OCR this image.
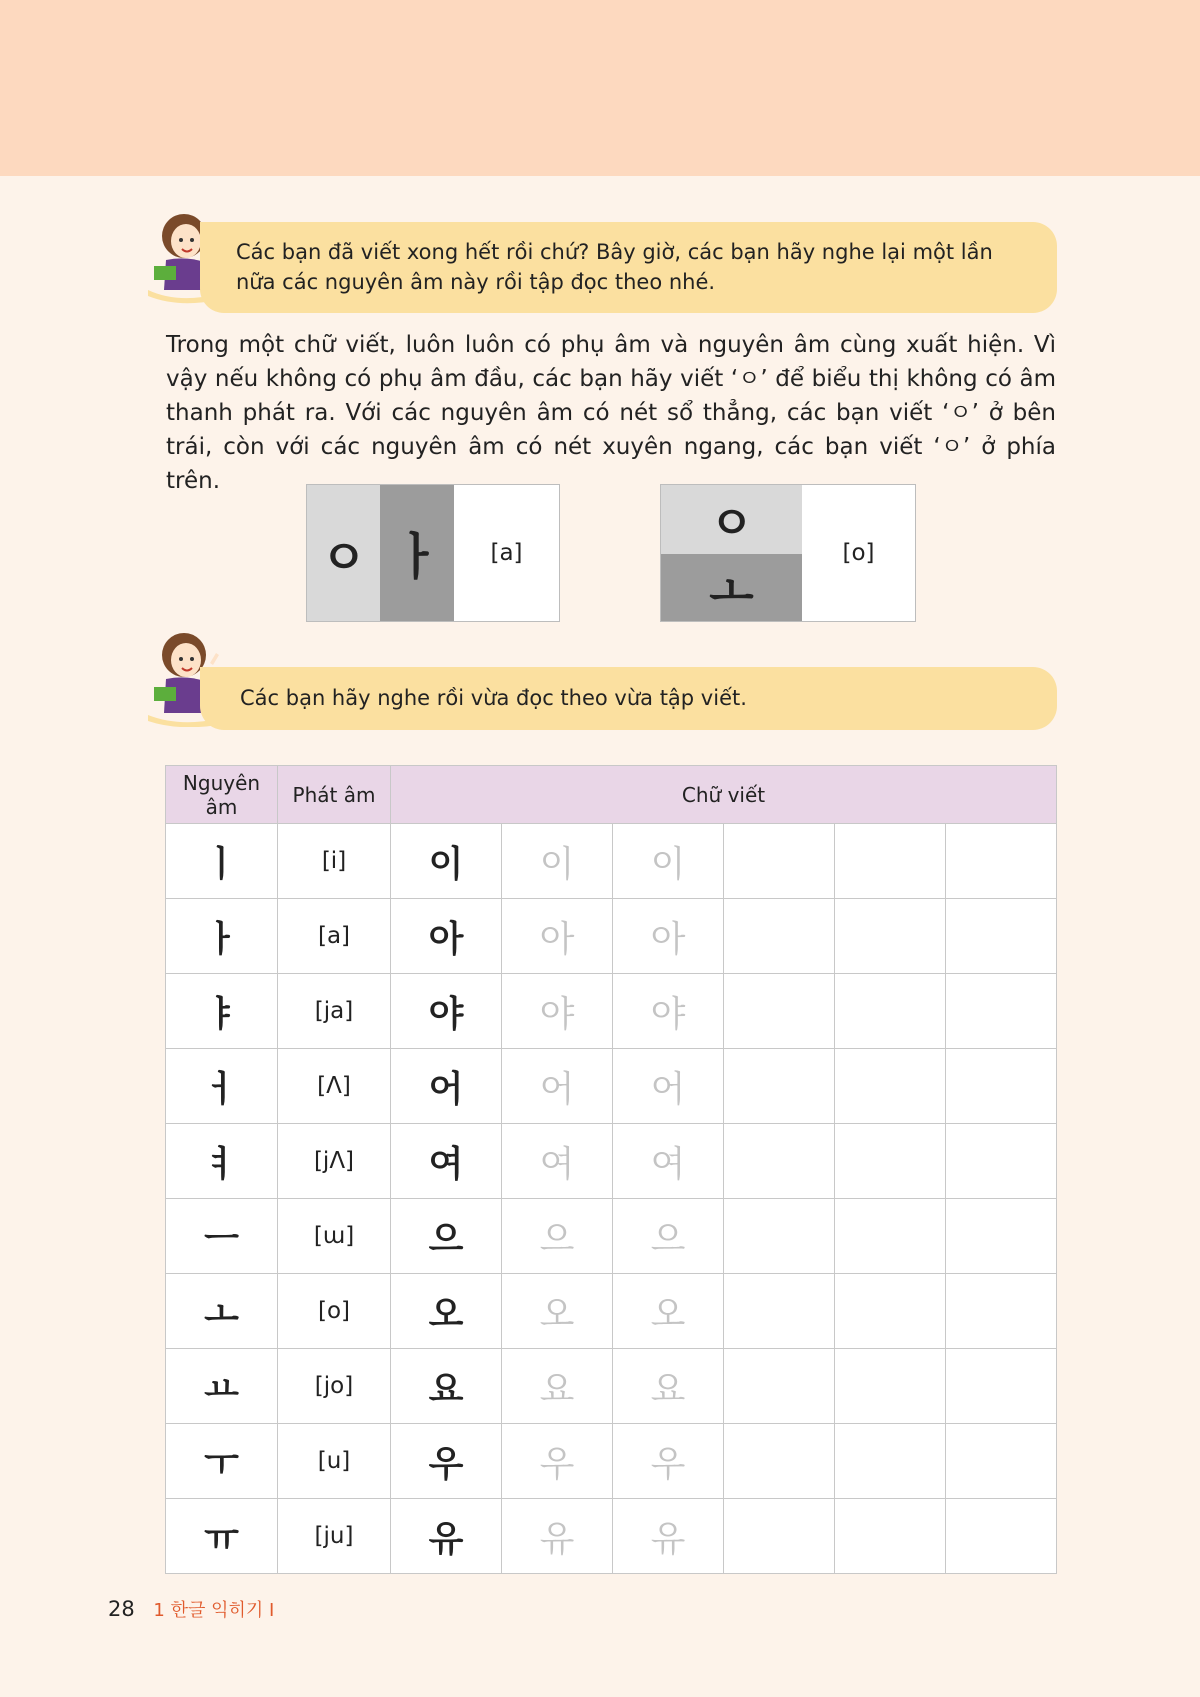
Các bạn đã viết xong hết rồi chứ? Bây giờ, các bạn hãy nghe lại một lần nữa các nguyên âm này rồi tập đọc theo nhé.

Trong một chữ viết, luôn luôn có phụ âm và nguyên âm cùng xuất hiện. Vì vậy nếu không có phụ âm đầu, các bạn hãy viết ‘ㅇ’ để biểu thị không có âm thanh phát ra. Với các nguyên âm có nét sổ thẳng, các bạn viết ‘ㅇ’ ở bên trái, còn với các nguyên âm có nét xuyên ngang, các bạn viết ‘ㅇ’ ở phía trên.

ㅇ ㅏ	[a]
ㅇ
ㅗ
[o]
Các bạn hãy nghe rồi vừa đọc theo vừa tập viết.
Nguyên âm	Phát âm	Chữ viết					
ㅣ	[i]	이	이	이			
ㅏ	[a]	아	아	아			
ㅑ	[ja]	야	야	야			
ㅓ	[Λ]	어	어	어			
ㅕ	[jΛ]	여	여	여			
ㅡ	[ɯ]	으	으	으			
ㅗ	[o]	오	오	오			
ㅛ	[jo]	요	요	요			
ㅜ	[u]	우	우	우			
ㅠ	[ju]	유	유	유			
28 1 한글 익히기 I
